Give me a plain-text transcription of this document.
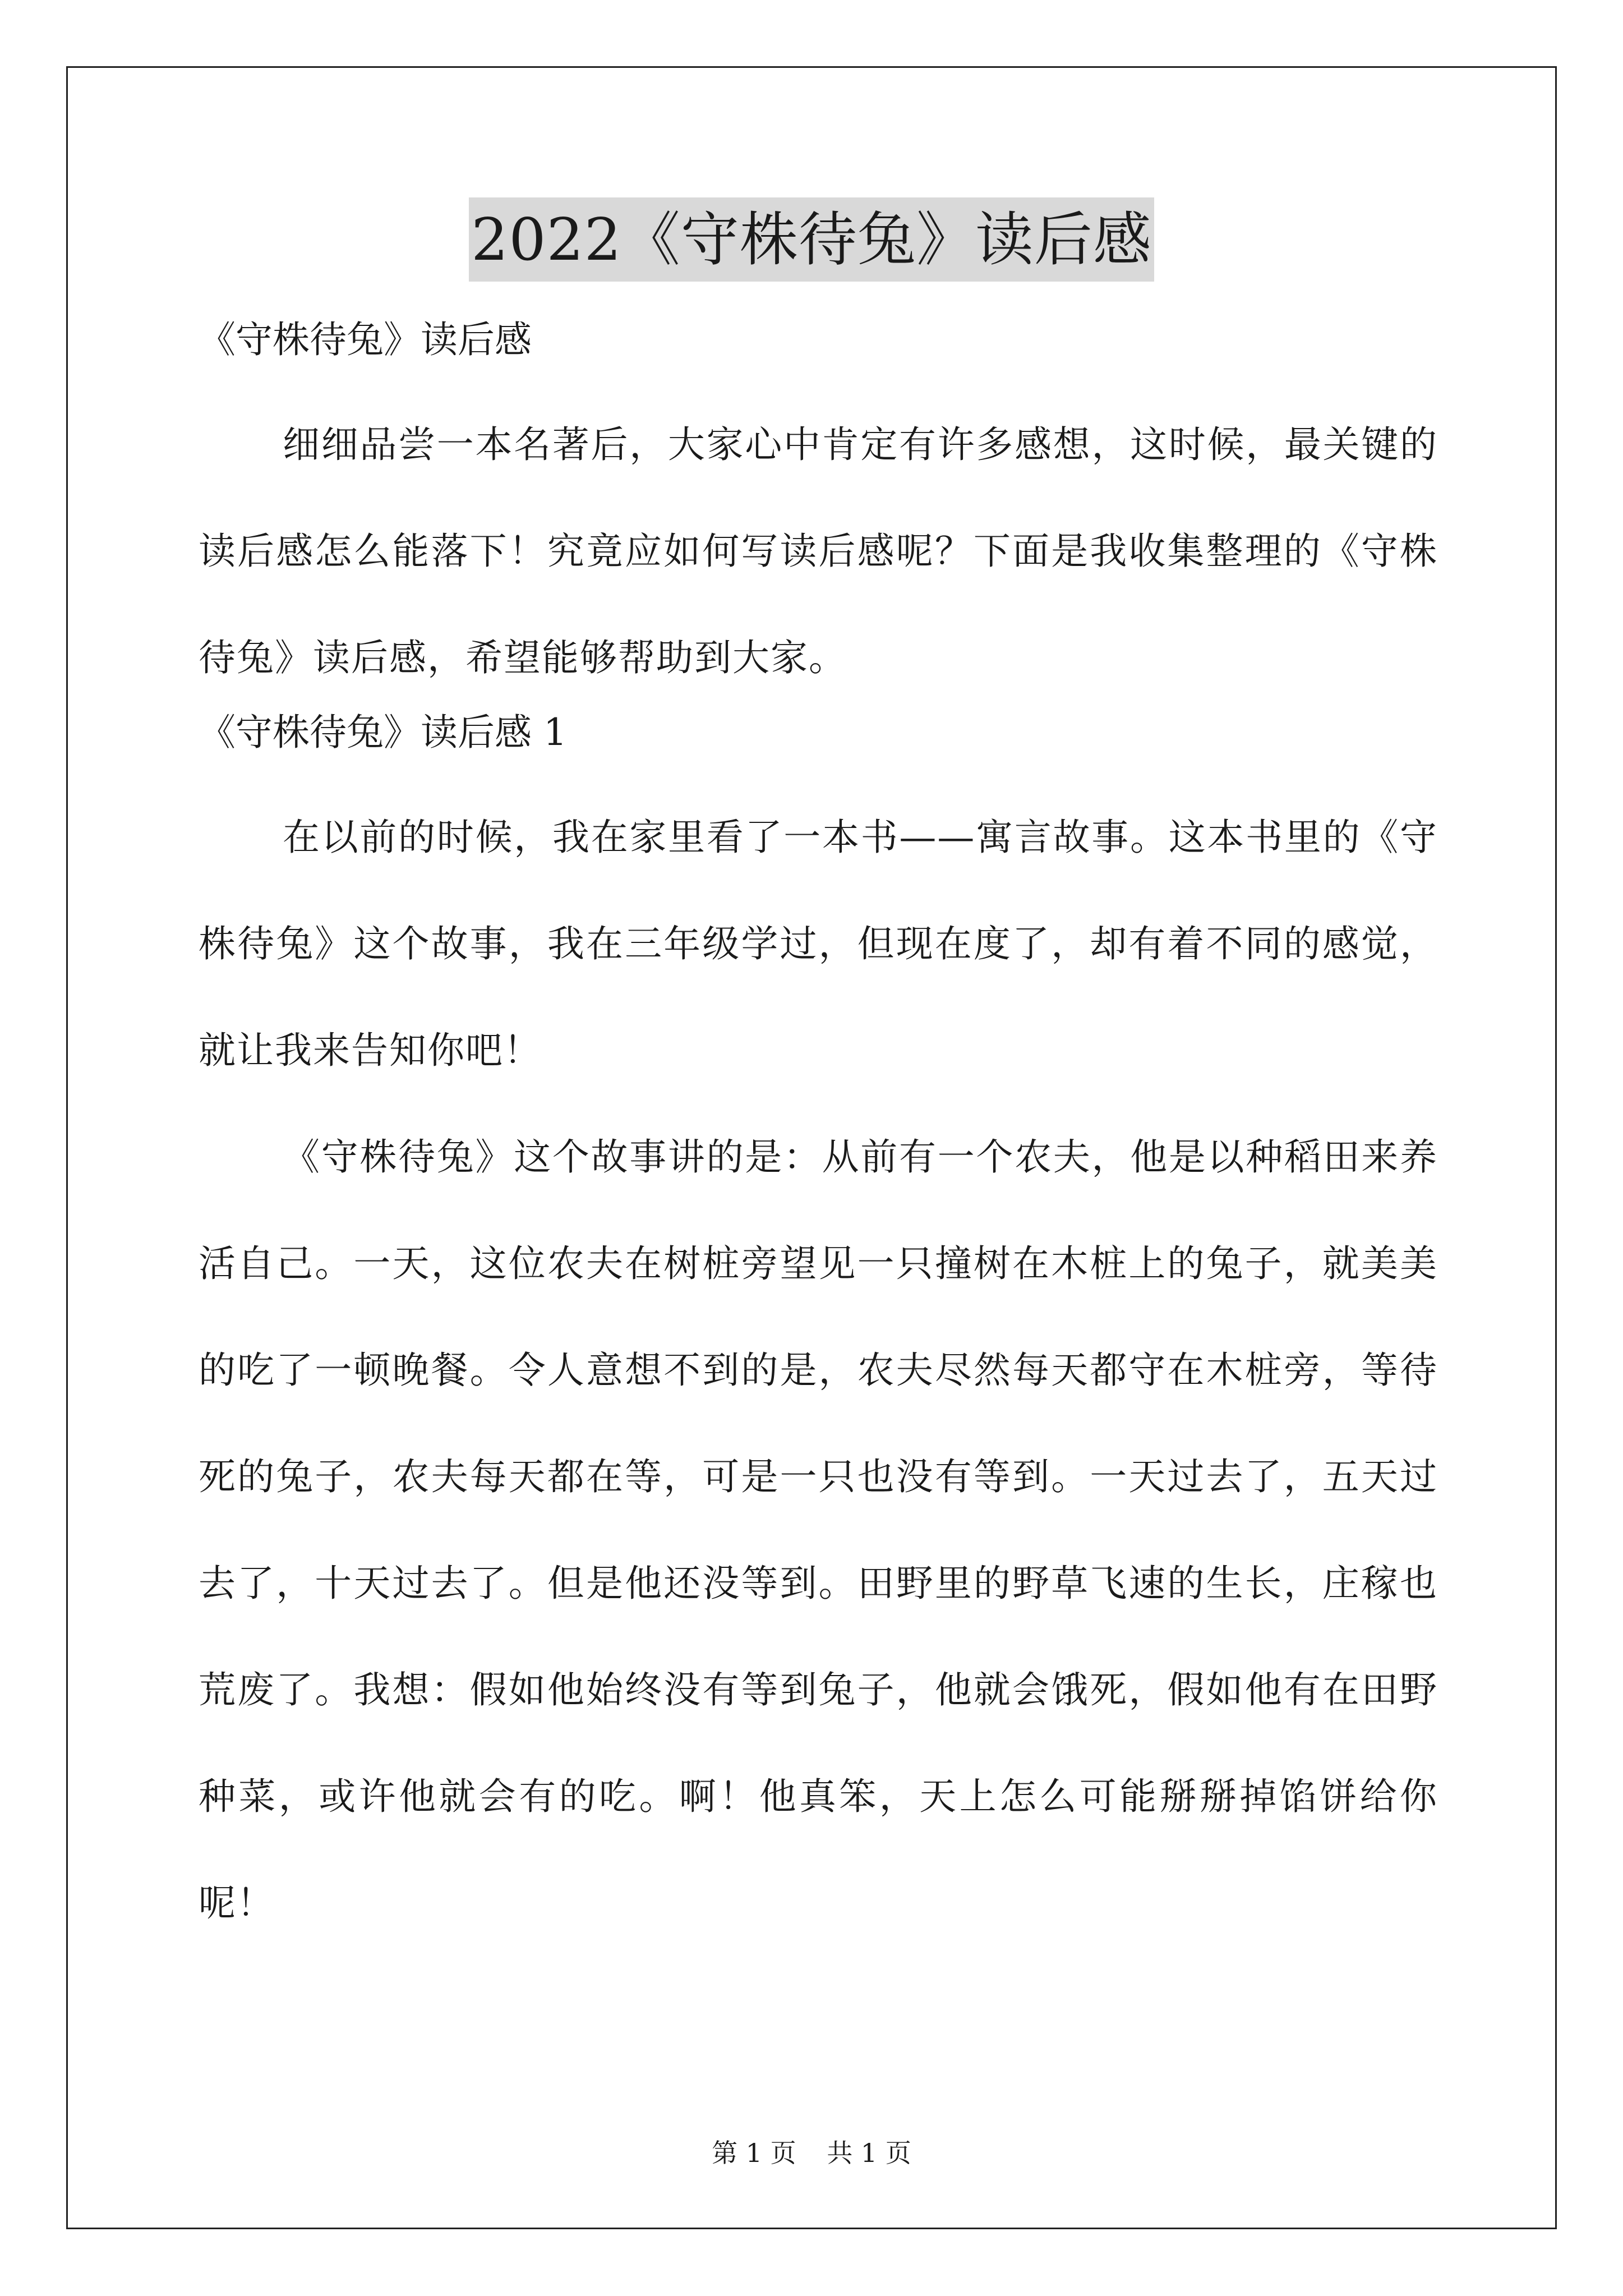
2022《守株待兔》读后感
《守株待兔》读后感

细细品尝一本名著后，大家心中肯定有许多感想，这时候，最关键的读后感怎么能落下！究竟应如何写读后感呢？下面是我收集整理的《守株待兔》读后感，希望能够帮助到大家。

《守株待兔》读后感 1

在以前的时候，我在家里看了一本书——寓言故事。这本书里的《守株待兔》这个故事，我在三年级学过，但现在度了，却有着不同的感觉，就让我来告知你吧！

《守株待兔》这个故事讲的是：从前有一个农夫，他是以种稻田来养活自己。一天，这位农夫在树桩旁望见一只撞树在木桩上的兔子，就美美的吃了一顿晚餐。令人意想不到的是，农夫尽然每天都守在木桩旁，等待死的兔子，农夫每天都在等，可是一只也没有等到。一天过去了，五天过去了，十天过去了。但是他还没等到。田野里的野草飞速的生长，庄稼也荒废了。我想：假如他始终没有等到兔子，他就会饿死，假如他有在田野种菜，或许他就会有的吃。啊！他真笨，天上怎么可能掰掰掉馅饼给你呢！

第 1 页 共 1 页
